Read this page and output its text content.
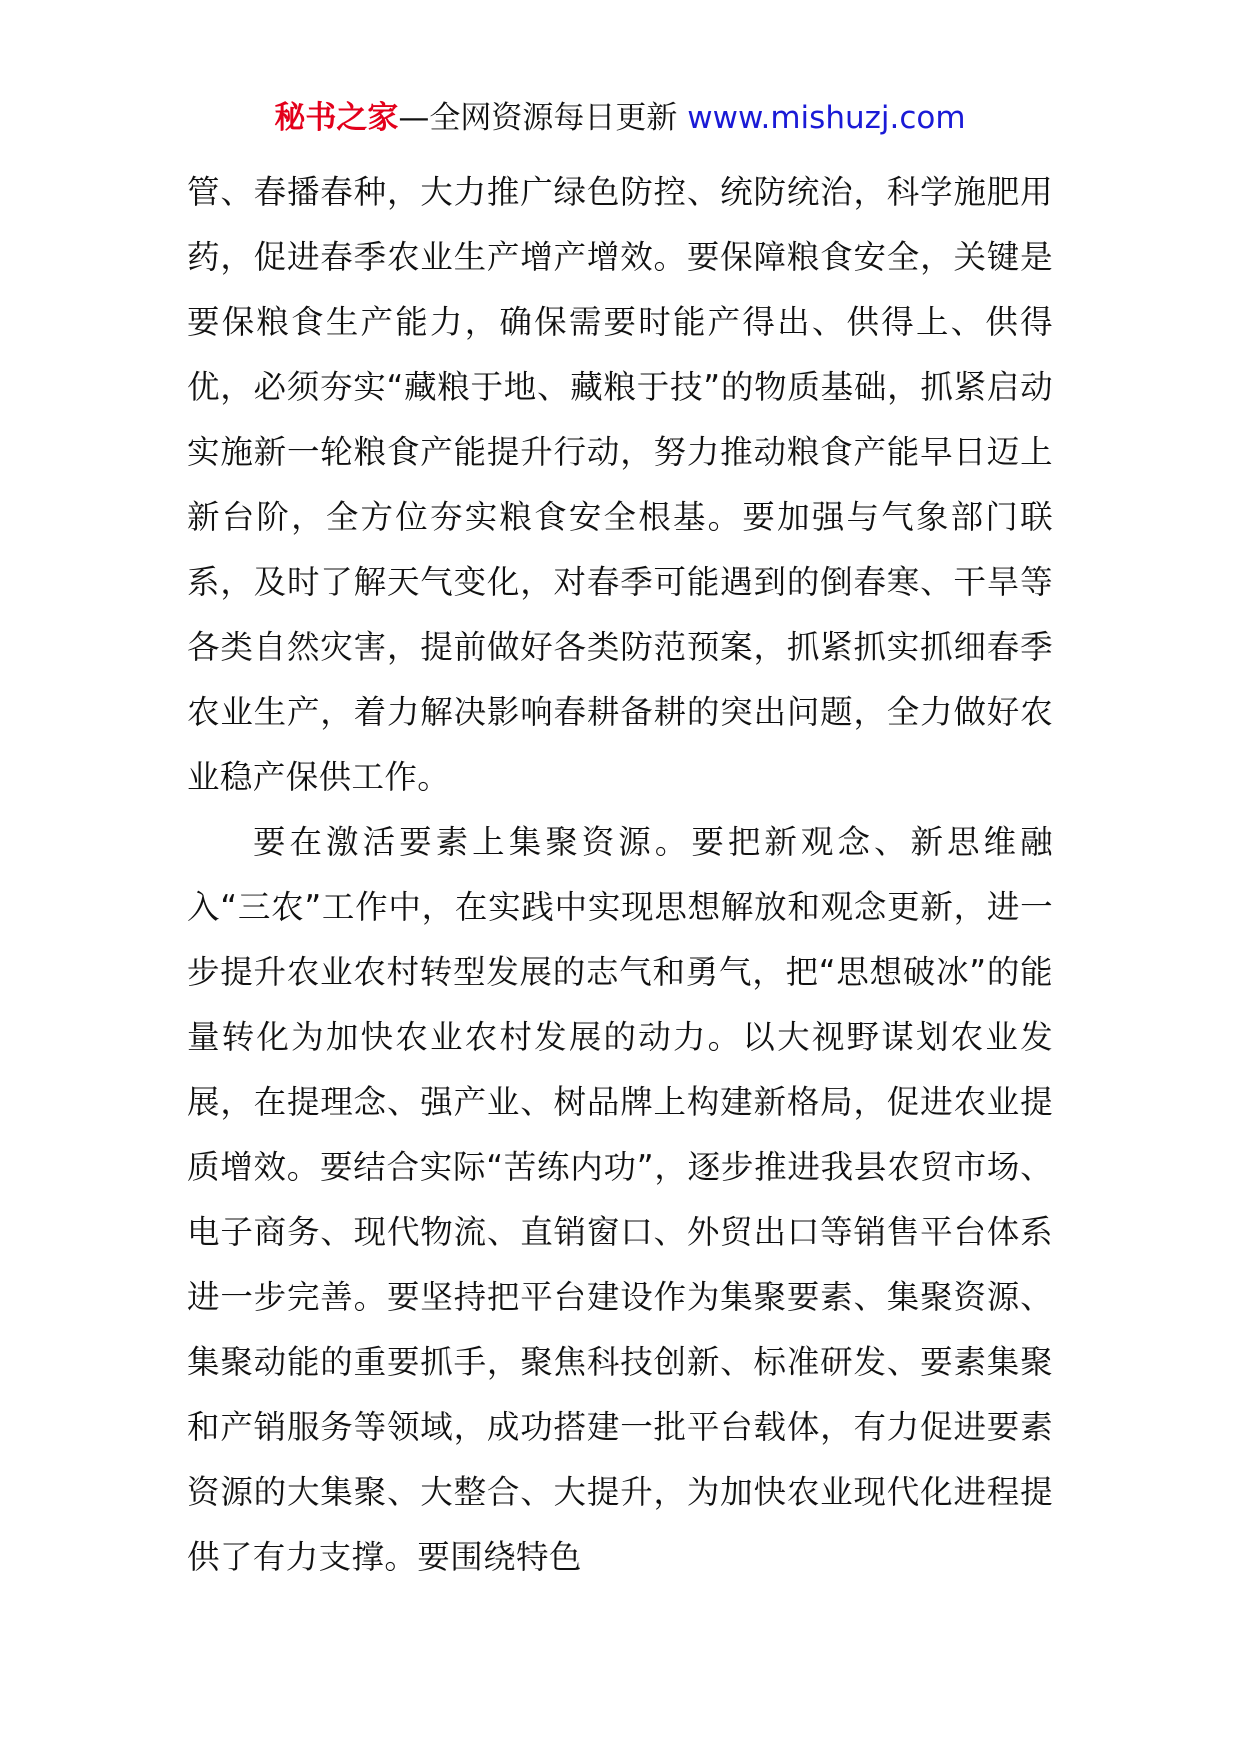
秘书之家—全网资源每日更新 www.mishuzj.com

管、春播春种，大力推广绿色防控、统防统治，科学施肥用药，促进春季农业生产增产增效。要保障粮食安全，关键是要保粮食生产能力，确保需要时能产得出、供得上、供得优，必须夯实“藏粮于地、藏粮于技”的物质基础，抓紧启动实施新一轮粮食产能提升行动，努力推动粮食产能早日迈上新台阶，全方位夯实粮食安全根基。要加强与气象部门联系，及时了解天气变化，对春季可能遇到的倒春寒、干旱等各类自然灾害，提前做好各类防范预案，抓紧抓实抓细春季农业生产，着力解决影响春耕备耕的突出问题，全力做好农业稳产保供工作。

要在激活要素上集聚资源。要把新观念、新思维融入“三农”工作中，在实践中实现思想解放和观念更新，进一步提升农业农村转型发展的志气和勇气，把“思想破冰”的能量转化为加快农业农村发展的动力。以大视野谋划农业发展，在提理念、强产业、树品牌上构建新格局，促进农业提质增效。要结合实际“苦练内功”，逐步推进我县农贸市场、电子商务、现代物流、直销窗口、外贸出口等销售平台体系进一步完善。要坚持把平台建设作为集聚要素、集聚资源、集聚动能的重要抓手，聚焦科技创新、标准研发、要素集聚和产销服务等领域，成功搭建一批平台载体，有力促进要素资源的大集聚、大整合、大提升，为加快农业现代化进程提供了有力支撑。要围绕特色
